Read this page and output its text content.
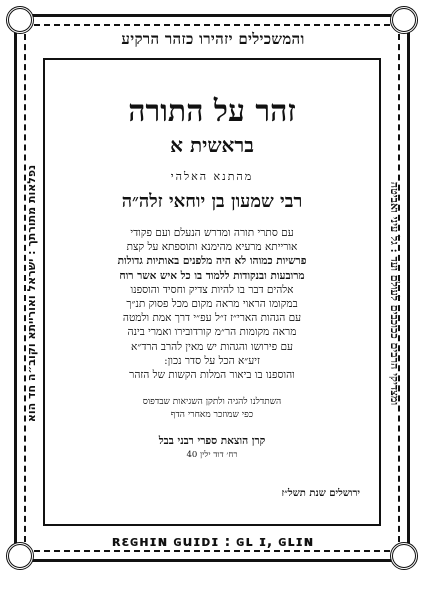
והמשכילים יזהירו כזהר הרקיע
ʀɛɢʜɪɴ ɢuɪᴅɪ : ɢʟ ɪ, ɢʟɪɴ
ומצדיקי הרבים ככוכבים לעולם ועד : גל עיני ואביטה
נפלאות מתורתך : ישראל ואורייתא וקוב״ה חד הוא
זהר על התורה
בראשית א
מהתנא האלהי
רבי שמעון בן יוחאי זלה״ה
עם סתרי תורה ומדרש הנעלם ועם פקודי
אורייתא מרעיא מהימנא ותוספתא על קצת
פרשיות כמוהו לא היה מלפנים באותיות גדולות
מרובעות ובנקודות ללמוד בו כל איש אשר רוח
אלהים דבר בו להיות צדיק וחסיד והוספנו
במקומו הראוי מראה מקום מכל פסוק תנ״ך
עם הגהות הארי״ז ז״ל עפ״י דרך אמת ולמטה
מראה מקומות הר״מ קורדובירו ואמרי בינה
עם פירושו והגהות יש מאין להרב הרד״א
זיע״א הכל על סדר נכון:
והוספנו בו ביאור המלות הקשות של הזהר
השתדלנו להגיה ולתקן השגיאות שבדפוס
כפי שמוזכר מאחרי הדף
קרן הוצאת ספרי רבני בבל
רח׳ דוד ילין 40
ירושלים שנת תשל״ז
